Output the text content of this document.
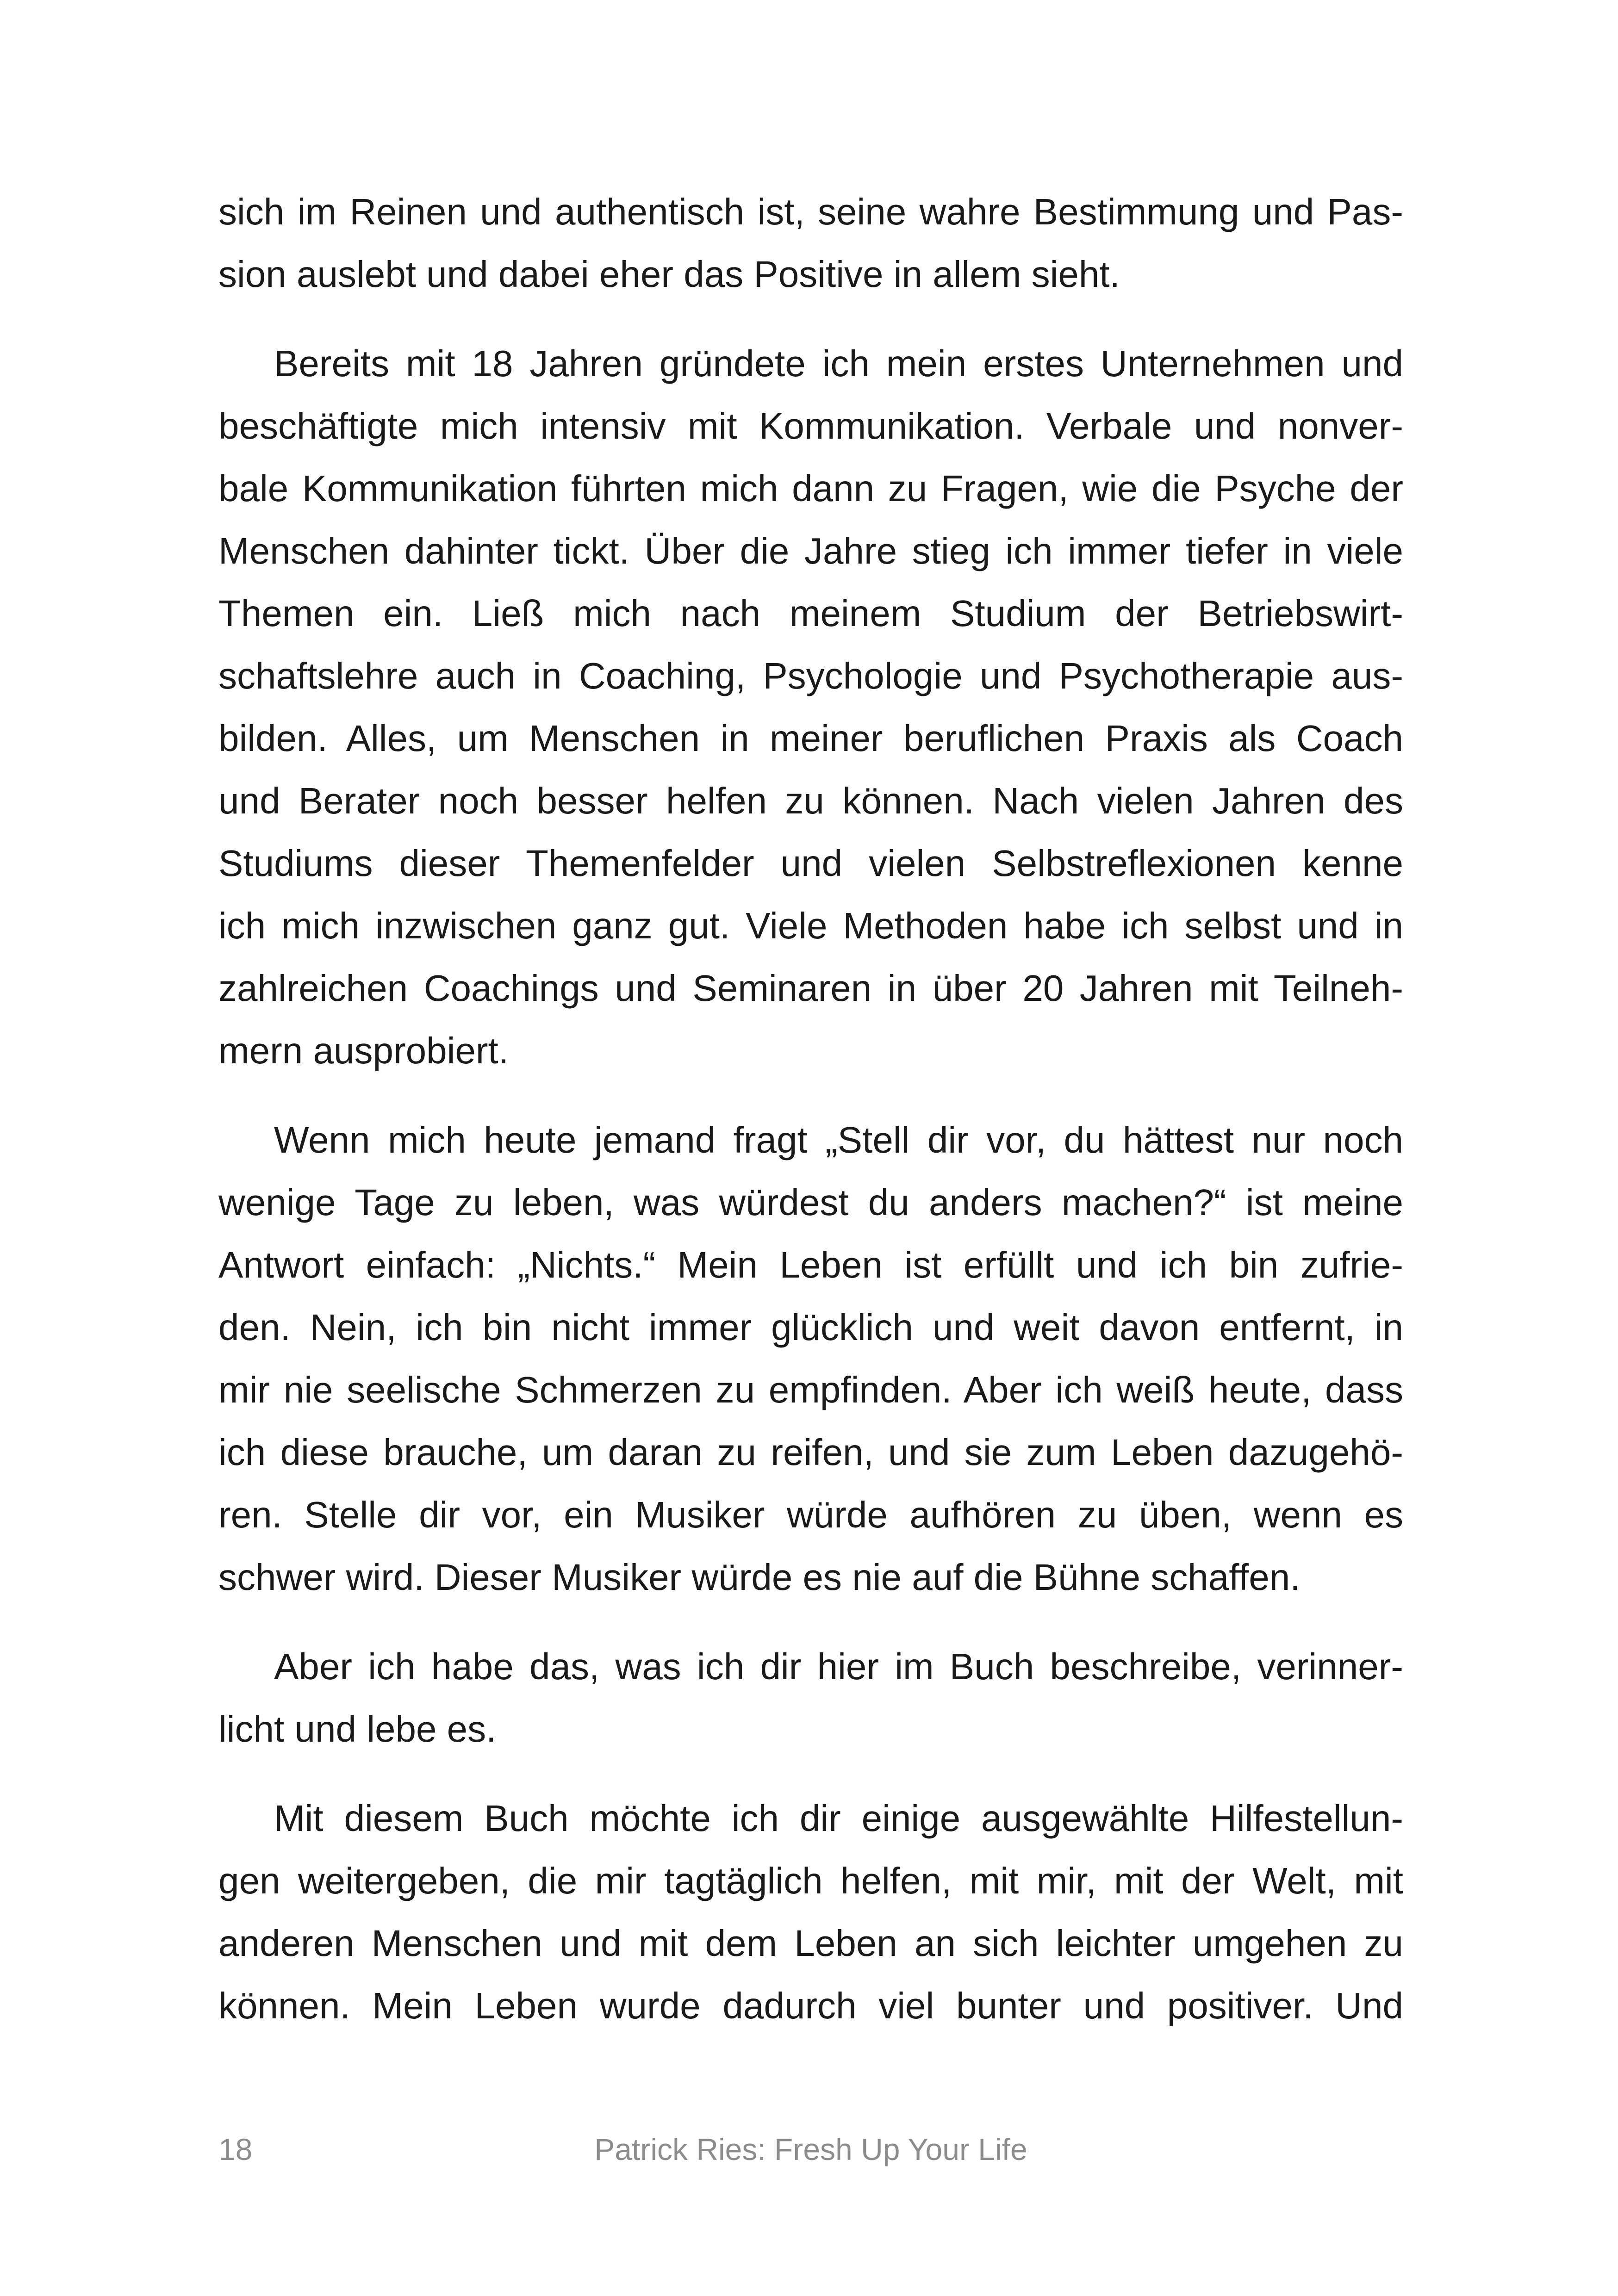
sich im Reinen und authentisch ist, seine wahre Bestimmung und Pas-
sion auslebt und dabei eher das Positive in allem sieht.

Bereits mit 18 Jahren gründete ich mein erstes Unternehmen und
beschäftigte mich intensiv mit Kommunikation. Verbale und nonver-
bale Kommunikation führten mich dann zu Fragen, wie die Psyche der
Menschen dahinter tickt. Über die Jahre stieg ich immer tiefer in viele
Themen ein. Ließ mich nach meinem Studium der Betriebswirt-
schaftslehre auch in Coaching, Psychologie und Psychotherapie aus-
bilden. Alles, um Menschen in meiner beruflichen Praxis als Coach
und Berater noch besser helfen zu können. Nach vielen Jahren des
Studiums dieser Themenfelder und vielen Selbstreflexionen kenne
ich mich inzwischen ganz gut. Viele Methoden habe ich selbst und in
zahlreichen Coachings und Seminaren in über 20 Jahren mit Teilneh-
mern ausprobiert.

Wenn mich heute jemand fragt „Stell dir vor, du hättest nur noch
wenige Tage zu leben, was würdest du anders machen?“ ist meine
Antwort einfach: „Nichts.“ Mein Leben ist erfüllt und ich bin zufrie-
den. Nein, ich bin nicht immer glücklich und weit davon entfernt, in
mir nie seelische Schmerzen zu empfinden. Aber ich weiß heute, dass
ich diese brauche, um daran zu reifen, und sie zum Leben dazugehö-
ren. Stelle dir vor, ein Musiker würde aufhören zu üben, wenn es
schwer wird. Dieser Musiker würde es nie auf die Bühne schaffen.

Aber ich habe das, was ich dir hier im Buch beschreibe, verinner-
licht und lebe es.

Mit diesem Buch möchte ich dir einige ausgewählte Hilfestellun-
gen weitergeben, die mir tagtäglich helfen, mit mir, mit der Welt, mit
anderen Menschen und mit dem Leben an sich leichter umgehen zu
können. Mein Leben wurde dadurch viel bunter und positiver. Und

18	Patrick Ries: Fresh Up Your Life
